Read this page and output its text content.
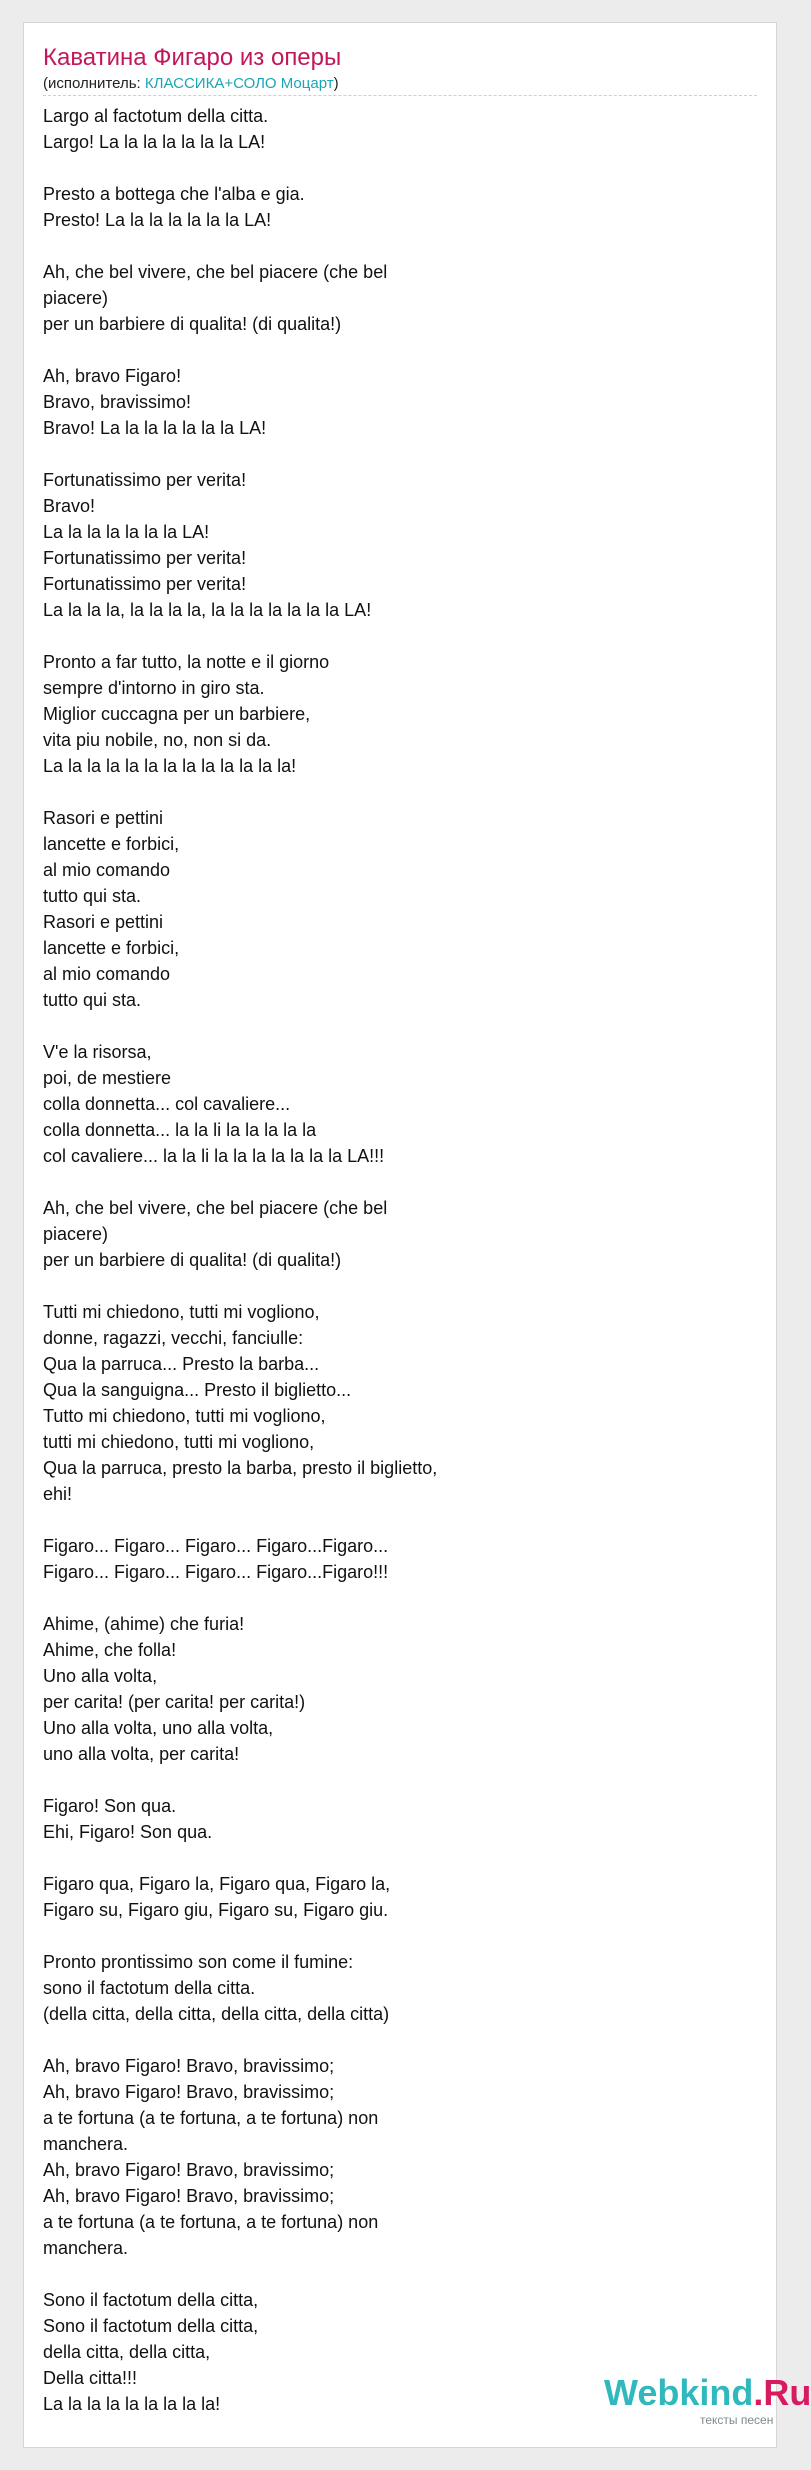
Каватина Фигаро из оперы
(исполнитель: КЛАССИКА+СОЛО Моцарт)
Largo al factotum della citta.
Largo! La la la la la la la LA!
Presto a bottega che l'alba e gia.
Presto! La la la la la la la LA!
Ah, che bel vivere, che bel piacere (che bel
piacere)
per un barbiere di qualita! (di qualita!)
Ah, bravo Figaro!
Bravo, bravissimo!
Bravo! La la la la la la la LA!
Fortunatissimo per verita!
Bravo!
La la la la la la la LA!
Fortunatissimo per verita!
Fortunatissimo per verita!
La la la la, la la la la, la la la la la la la LA!
Pronto a far tutto, la notte e il giorno
sempre d'intorno in giro sta.
Miglior cuccagna per un barbiere,
vita piu nobile, no, non si da.
La la la la la la la la la la la la la!
Rasori e pettini
lancette e forbici,
al mio comando
tutto qui sta.
Rasori e pettini
lancette e forbici,
al mio comando
tutto qui sta.
V'e la risorsa,
poi, de mestiere
colla donnetta... col cavaliere...
colla donnetta... la la li la la la la la
col cavaliere... la la li la la la la la la la LA!!!
Ah, che bel vivere, che bel piacere (che bel
piacere)
per un barbiere di qualita! (di qualita!)
Tutti mi chiedono, tutti mi vogliono,
donne, ragazzi, vecchi, fanciulle:
Qua la parruca... Presto la barba...
Qua la sanguigna... Presto il biglietto...
Tutto mi chiedono, tutti mi vogliono,
tutti mi chiedono, tutti mi vogliono,
Qua la parruca, presto la barba, presto il biglietto,
ehi!
Figaro... Figaro... Figaro... Figaro...Figaro...
Figaro... Figaro... Figaro... Figaro...Figaro!!!
Ahime, (ahime) che furia!
Ahime, che folla!
Uno alla volta,
per carita! (per carita! per carita!)
Uno alla volta, uno alla volta,
uno alla volta, per carita!
Figaro! Son qua.
Ehi, Figaro! Son qua.
Figaro qua, Figaro la, Figaro qua, Figaro la,
Figaro su, Figaro giu, Figaro su, Figaro giu.
Pronto prontissimo son come il fumine:
sono il factotum della citta.
(della citta, della citta, della citta, della citta)
Ah, bravo Figaro! Bravo, bravissimo;
Ah, bravo Figaro! Bravo, bravissimo;
a te fortuna (a te fortuna, a te fortuna) non
manchera.
Ah, bravo Figaro! Bravo, bravissimo;
Ah, bravo Figaro! Bravo, bravissimo;
a te fortuna (a te fortuna, a te fortuna) non
manchera.
Sono il factotum della citta,
Sono il factotum della citta,
della citta, della citta,
Della citta!!!
La la la la la la la la la!	Webkind.Ru
тексты песен
